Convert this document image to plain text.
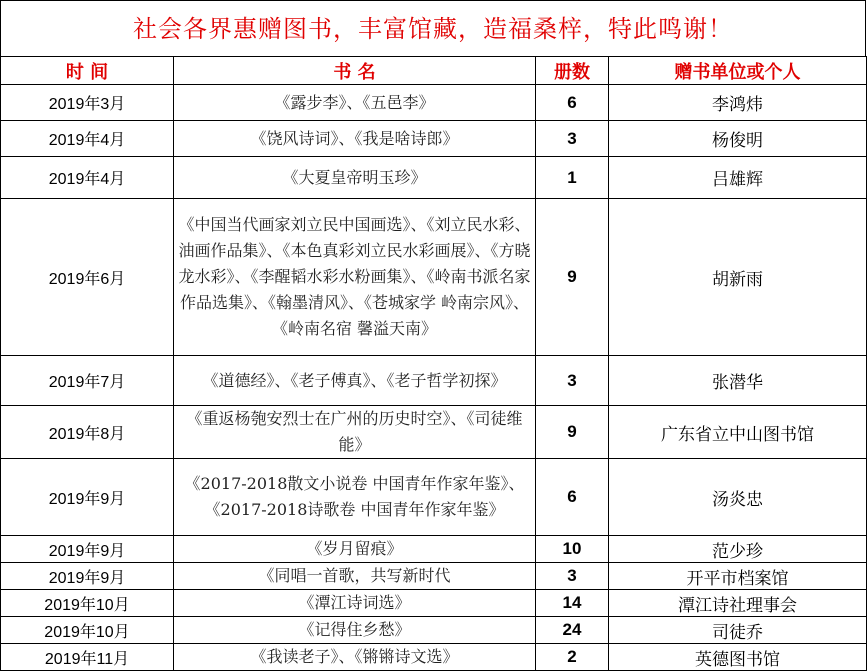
社会各界惠赠图书，丰富馆藏，造福桑梓，特此鸣谢！
时 间	书 名	册数	赠书单位或个人
2019年3月	《露步李》、《五邑李》	6	李鸿炜
2019年4月	《饶风诗词》、《我是啥诗郎》	3	杨俊明
2019年4月	《大夏皇帝明玉珍》	1	吕雄辉
2019年6月	《中国当代画家刘立民中国画选》、《刘立民水彩、油画作品集》、《本色真彩刘立民水彩画展》、《方晓龙水彩》、《李醒韬水彩水粉画集》、《岭南书派名家作品选集》、《翰墨清风》、《苍城家学 岭南宗风》、《岭南名宿 馨溢天南》	9	胡新雨
2019年7月	《道德经》、《老子傅真》、《老子哲学初探》	3	张潜华
2019年8月	《重返杨匏安烈士在广州的历史时空》、《司徒维能》	9	广东省立中山图书馆
2019年9月	《2017-2018散文小说卷 中国青年作家年鉴》、《2017-2018诗歌卷 中国青年作家年鉴》	6	汤炎忠
2019年9月	《岁月留痕》	10	范少珍
2019年9月	《同唱一首歌，共写新时代	3	开平市档案馆
2019年10月	《潭江诗词选》	14	潭江诗社理事会
2019年10月	《记得住乡愁》	24	司徒乔
2019年11月	《我读老子》、《锵锵诗文选》	2	英德图书馆
